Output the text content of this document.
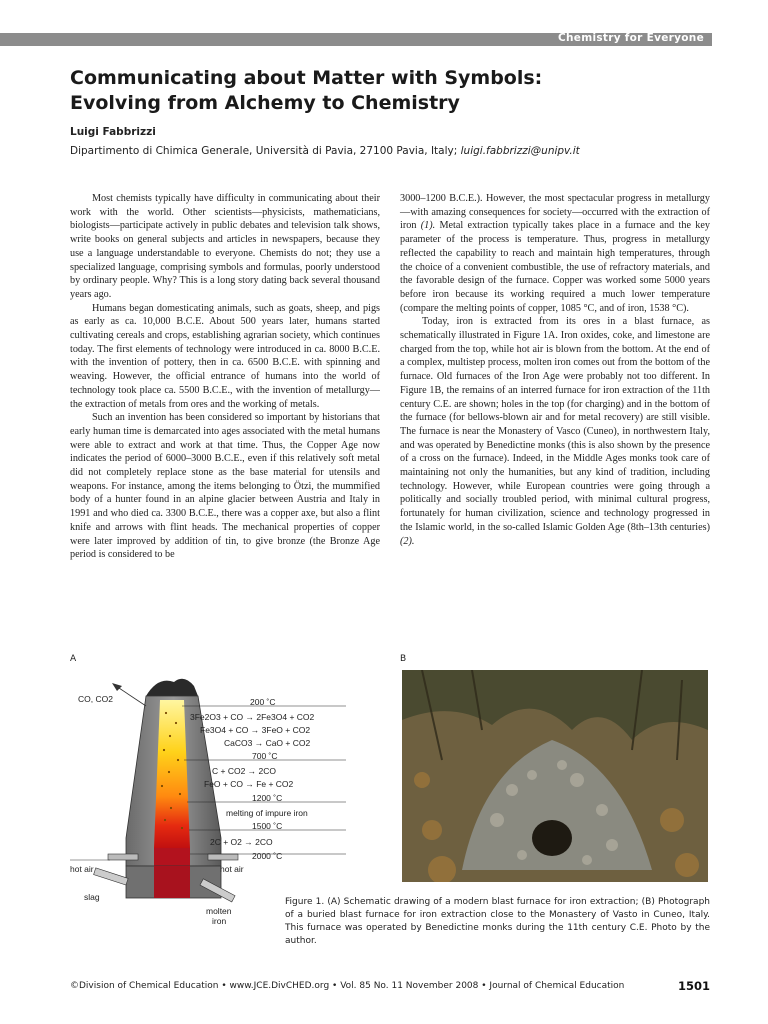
Chemistry for Everyone
Communicating about Matter with Symbols:
Evolving from Alchemy to Chemistry
Luigi Fabbrizzi
Dipartimento di Chimica Generale, Università di Pavia, 27100 Pavia, Italy; luigi.fabbrizzi@unipv.it

Most chemists typically have difficulty in communicating about their work with the world. Other scientists—physicists, mathematicians, biologists—participate actively in public debates and television talk shows, write books on general subjects and articles in newspapers, because they use a language understandable to everyone. Chemists do not; they use a specialized language, comprising symbols and formulas, poorly understood by ordinary people. Why? This is a long story dating back several thousand years ago.

Humans began domesticating animals, such as goats, sheep, and pigs as early as ca. 10,000 B.C.E. About 500 years later, humans started cultivating cereals and crops, establishing agrarian society, which continues today. The first elements of technology were introduced in ca. 8000 B.C.E. with the invention of pottery, then in ca. 6500 B.C.E. with spinning and weaving. However, the official entrance of humans into the world of technology took place ca. 5500 B.C.E., with the invention of metallurgy—the extraction of metals from ores and the working of metals.

Such an invention has been considered so important by historians that early human time is demarcated into ages associated with the metal humans were able to extract and work at that time. Thus, the Copper Age now indicates the period of 6000–3000 B.C.E., even if this relatively soft metal did not completely replace stone as the base material for utensils and weapons. For instance, among the items belonging to Ötzi, the mummified body of a hunter found in an alpine glacier between Austria and Italy in 1991 and who died ca. 3300 B.C.E., there was a copper axe, but also a flint knife and arrows with flint heads. The mechanical properties of copper were later improved by addition of tin, to give bronze (the Bronze Age period is considered to be

3000–1200 B.C.E.). However, the most spectacular progress in metallurgy—with amazing consequences for society—occurred with the extraction of iron (1). Metal extraction typically takes place in a furnace and the key parameter of the process is temperature. Thus, progress in metallurgy reflected the capability to reach and maintain high temperatures, through the choice of a convenient combustible, the use of refractory materials, and the favorable design of the furnace. Copper was worked some 5000 years before iron because its working required a much lower temperature (compare the melting points of copper, 1085 °C, and of iron, 1538 °C).

Today, iron is extracted from its ores in a blast furnace, as schematically illustrated in Figure 1A. Iron oxides, coke, and limestone are charged from the top, while hot air is blown from the bottom. At the end of a complex, multistep process, molten iron comes out from the bottom of the furnace. Old furnaces of the Iron Age were probably not too different. In Figure 1B, the remains of an interred furnace for iron extraction of the 11th century C.E. are shown; holes in the top (for charging) and in the bottom of the furnace (for bellows-blown air and for metal recovery) are still visible. The furnace is near the Monastery of Vasco (Cuneo), in northwestern Italy, and was operated by Benedictine monks (this is also shown by the presence of a cross on the furnace). Indeed, in the Middle Ages monks took care of maintaining not only the humanities, but any kind of tradition, including technology. However, while European countries were going through a politically and socially troubled period, with minimal cultural progress, fortunately for human civilization, science and technology progressed in the Islamic world, in the so-called Islamic Golden Age (8th–13th centuries) (2).

A	B
CO, CO2	200 ˚C
700 ˚C
1200 ˚C
1500 ˚C
2000 ˚C
3Fe2O3 + CO → 2Fe3O4 + CO2
Fe3O4 + CO → 3FeO + CO2
CaCO3 → CaO + CO2
C + CO2 → 2CO
FeO + CO → Fe + CO2
melting of impure iron
2C + O2 → 2CO
hot air	hot air
slag
molten
iron
Figure 1. (A) Schematic drawing of a modern blast furnace for iron extraction; (B) Photograph of a buried blast furnace for iron extraction close to the Monastery of Vasto in Cuneo, Italy. This furnace was operated by Benedictine monks during the 11th century C.E. Photo by the author.
©Division of Chemical Education • www.JCE.DivCHED.org • Vol. 85 No. 11 November 2008 • Journal of Chemical Education	1501
